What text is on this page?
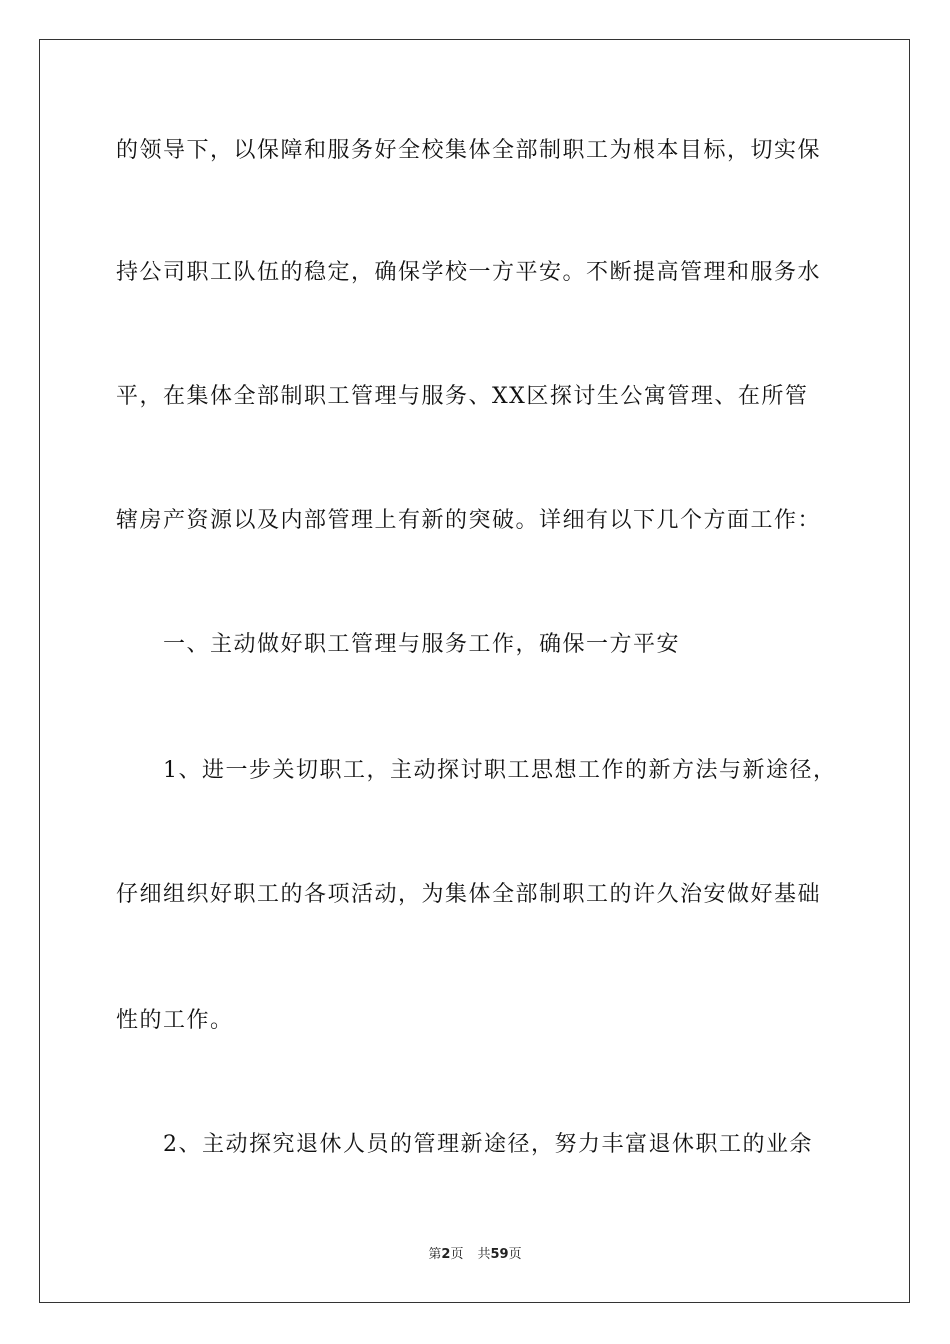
的领导下，以保障和服务好全校集体全部制职工为根本目标，切实保
持公司职工队伍的稳定，确保学校一方平安。不断提高管理和服务水
平，在集体全部制职工管理与服务、XX区探讨生公寓管理、在所管
辖房产资源以及内部管理上有新的突破。详细有以下几个方面工作：
一、主动做好职工管理与服务工作，确保一方平安
1、进一步关切职工，主动探讨职工思想工作的新方法与新途径，
仔细组织好职工的各项活动，为集体全部制职工的许久治安做好基础
性的工作。
2、主动探究退休人员的管理新途径，努力丰富退休职工的业余
第2页 共59页
